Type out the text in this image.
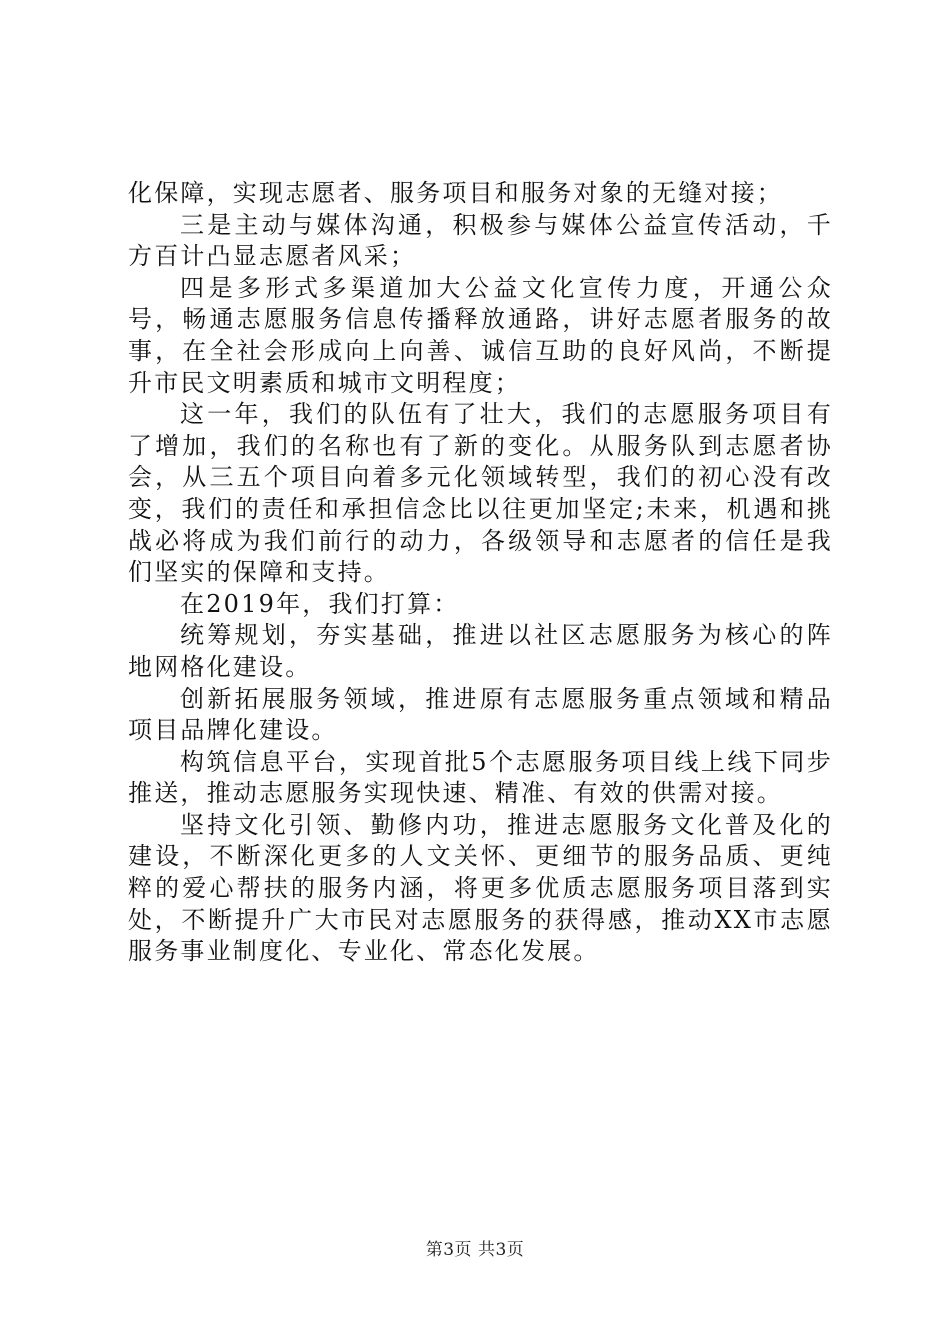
化保障，实现志愿者、服务项目和服务对象的无缝对接；

三是主动与媒体沟通，积极参与媒体公益宣传活动，千方百计凸显志愿者风采；

四是多形式多渠道加大公益文化宣传力度，开通公众号，畅通志愿服务信息传播释放通路，讲好志愿者服务的故事，在全社会形成向上向善、诚信互助的良好风尚，不断提升市民文明素质和城市文明程度；

这一年，我们的队伍有了壮大，我们的志愿服务项目有了增加，我们的名称也有了新的变化。从服务队到志愿者协会，从三五个项目向着多元化领域转型，我们的初心没有改变，我们的责任和承担信念比以往更加坚定;未来，机遇和挑战必将成为我们前行的动力，各级领导和志愿者的信任是我们坚实的保障和支持。

在2019年，我们打算：

统筹规划，夯实基础，推进以社区志愿服务为核心的阵地网格化建设。

创新拓展服务领域，推进原有志愿服务重点领域和精品项目品牌化建设。

构筑信息平台，实现首批5个志愿服务项目线上线下同步推送，推动志愿服务实现快速、精准、有效的供需对接。

坚持文化引领、勤修内功，推进志愿服务文化普及化的建设，不断深化更多的人文关怀、更细节的服务品质、更纯粹的爱心帮扶的服务内涵，将更多优质志愿服务项目落到实处，不断提升广大市民对志愿服务的获得感，推动XX市志愿服务事业制度化、专业化、常态化发展。

第3页 共3页
